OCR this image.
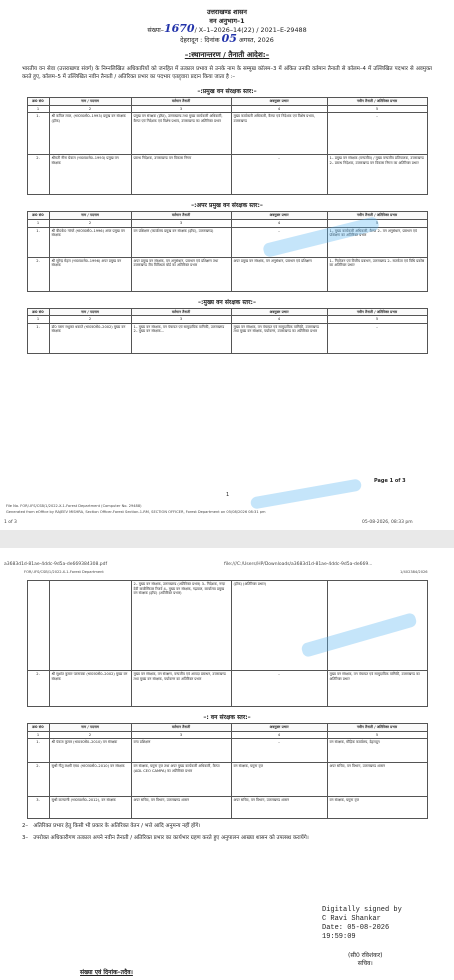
उत्तराखण्ड शासन
वन अनुभाग–1
संख्या–1670/ X–1–2026–14(22) / 2021–E-29488
देहरादून : दिनांक 05 अगस्त, 2026
–:स्थानान्तरण / तैनाती आदेश:–
भारतीय वन सेवा (उत्तराखण्ड संवर्ग) के निम्नलिखित अधिकारियों को जनहित में तत्काल प्रभाव से उनके नाम के सम्मुख कॉलम–3 में अंकित उनकी वर्तमान तैनाती से कॉलम–4 में उल्लिखित पदभार से अवमुक्त करते हुए, कॉलम–5 में उल्लिखित नवीन तैनाती / अतिरिक्त प्रभार का पदभार एतद्द्वारा प्रदान किया जाता है :–
–:प्रमुख वन संरक्षक स्तर:–
क्र0 सं0	नाम / पदनाम	वर्तमान तैनाती	अवमुक्त प्रभार	नवीन तैनाती / अतिरिक्त प्रभार
1	2	3	4	5
1.	श्री कपिल लाल, (भा0व0से0–1993) प्रमुख वन संरक्षक (हॉफ)	प्रमुख वन संरक्षक (हॉफ), उत्तराखण्ड तथा मुख्य कार्यकारी अधिकारी, कैम्पा एवं निदेशक एवं विशेष प्रभाव, उत्तराखण्ड का अतिरिक्त प्रभार	मुख्य कार्यकारी अधिकारी, कैम्पा एवं निदेशक एवं विशेष प्रभाव, उत्तराखण्ड	–
2.	श्रीमती नीना ग्रेवाल (भा0व0से0–1993) प्रमुख वन संरक्षक	प्रबन्ध निदेशक, उत्तराखण्ड वन विकास निगम	–	1– प्रमुख वन संरक्षक (वन्यजीव) / मुख्य वन्यजीव प्रतिपालक, उत्तराखण्ड 2– प्रबन्ध निदेशक, उत्तराखण्ड वन विकास निगम का अतिरिक्त प्रभार
–:अपर प्रमुख वन संरक्षक स्तर:–
क्र0 सं0	नाम / पदनाम	वर्तमान तैनाती	अवमुक्त प्रभार	नवीन तैनाती / अतिरिक्त प्रभार
1	2	3	4	5
1.	श्री बी0के0 गांगटे (भा0व0से0–1996) अपर प्रमुख वन संरक्षक	वन प्रशिक्षण (कार्यालय प्रमुख वन संरक्षक (हॉफ), उत्तराखण्ड)	–	1– मुख्य कार्यकारी अधिकारी, कैम्पा 2– वन अनुसंधान, प्रबन्धन एवं प्रशिक्षण का अतिरिक्त प्रभार
2.	श्री सुरेन्द्र मेहरा (भा0व0से0–1996) अपर प्रमुख वन संरक्षक	अपर प्रमुख वन संरक्षक, वन अनुसंधान, प्रबन्धन एवं प्रशिक्षण तथा उत्तराखण्ड जैव विविधता बोर्ड का अतिरिक्त प्रभार	अपर प्रमुख वन संरक्षक, वन अनुसंधान, प्रबन्धन एवं प्रशिक्षण	1– नियोजन एवं वित्तीय प्रबन्धन, उत्तराखण्ड 2– सतर्कता एवं विधि प्रकोष्ठ का अतिरिक्त प्रभार
–:मुख्य वन संरक्षक स्तर:–
क्र0 सं0	नाम / पदनाम	वर्तमान तैनाती	अवमुक्त प्रभार	नवीन तैनाती / अतिरिक्त प्रभार
1	2	3	4	5
1.	डॉ0 पराग मधुकर धकाते (भा0व0से0–2002) मुख्य वन संरक्षक	1– मुख्य वन संरक्षक, वन पंचायत एवं सामुदायिक वानिकी, उत्तराखण्ड 2– मुख्य वन संरक्षक...	मुख्य वन संरक्षक, वन पंचायत एवं सामुदायिक वानिकी, उत्तराखण्ड तथा मुख्य वन संरक्षक, पर्यावरण, उत्तराखण्ड का अतिरिक्त प्रभार	–
Page 1 of 3
1
File No. FOR/-IFS/CSB/1/2022-X-1-Forest Department (Computer No. 29488)
Generated from eOffice by RAJEEV MISHRA, Section Officer-Forest Section-1-RM, SECTION OFFICER, Forest Department on 05/08/2026 08:31 pm
1 of 3	05-08-2026, 08:33 pm
a3683d1d-81ae-4ddc-9d5a-de669384308.pdf	file:///C:/Users/HP/Downloads/a3683d1d-81ae-4ddc-9d5a-de669...
FOR/-IFS/CSB/1/2022-X-1-Forest Department	1/402384/2026
		2– मुख्य वन संरक्षक, उत्तराखण्ड (अतिरिक्त प्रभार) 3– निदेशक, नन्दा देवी बायोस्फियर रिजर्व 4– मुख्य वन संरक्षक, गढ़वाल, कार्यालय प्रमुख वन संरक्षक (हॉफ) (अतिरिक्त प्रभार)	(हॉफ) (अतिरिक्त प्रभार)	
2.	श्री सुशांत कुमार पटनायक (भा0व0से0–2002) मुख्य वन संरक्षक	मुख्य वन संरक्षक, वन संरक्षण, वन्यजीव एवं आपदा प्रबन्धन, उत्तराखण्ड तथा मुख्य वन संरक्षक, पर्यावरण का अतिरिक्त प्रभार	–	मुख्य वन संरक्षक, वन पंचायत एवं सामुदायिक वानिकी, उत्तराखण्ड का अतिरिक्त प्रभार
–: वन संरक्षक स्तर:–
क्र0 सं0	नाम / पदनाम	वर्तमान तैनाती	अवमुक्त प्रभार	नवीन तैनाती / अतिरिक्त प्रभार
1	2	3	4	5
1.	श्री पंकज कुमार (भा0व0से0–2010) वन संरक्षक	वन्य प्रशिक्षण	–	वन संरक्षक, मौद्रिक कार्यालय, देहरादून
2.	सुश्री नीतू लक्ष्मी एम0 (भा0व0से0–2010) वन संरक्षक	वन संरक्षक, यमुना वृत्त तथा अपर मुख्य कार्यकारी अधिकारी, कैम्पा (ADL CEO CAMPA) का अतिरिक्त प्रभार	वन संरक्षक, यमुना वृत्त	अपर सचिव, वन विभाग, उत्तराखण्ड शासन
3.	सुश्री कल्याणी (भा0व0से0–2012), वन संरक्षक	अपर सचिव, वन विभाग, उत्तराखण्ड शासन	अपर सचिव, वन विभाग, उत्तराखण्ड शासन	वन संरक्षक, यमुना वृत्त
2– अतिरिक्त प्रभार हेतु किसी भी प्रकार के अतिरिक्त वेतन / भत्ते आदि अनुमन्य नहीं होंगे।
3– उपरोक्त अधिकारीगण तत्काल अपने नवीन तैनाती / अतिरिक्त प्रभार का कार्यभार ग्रहण करते हुए अनुपालन आख्या शासन को उपलब्ध करायेंगे।
Digitally signed by
C Ravi Shankar
Date: 05-08-2026
19:59:09
(सी0 रविशंकर)
सचिव।
संख्या एवं दिनांक–तदैव।
